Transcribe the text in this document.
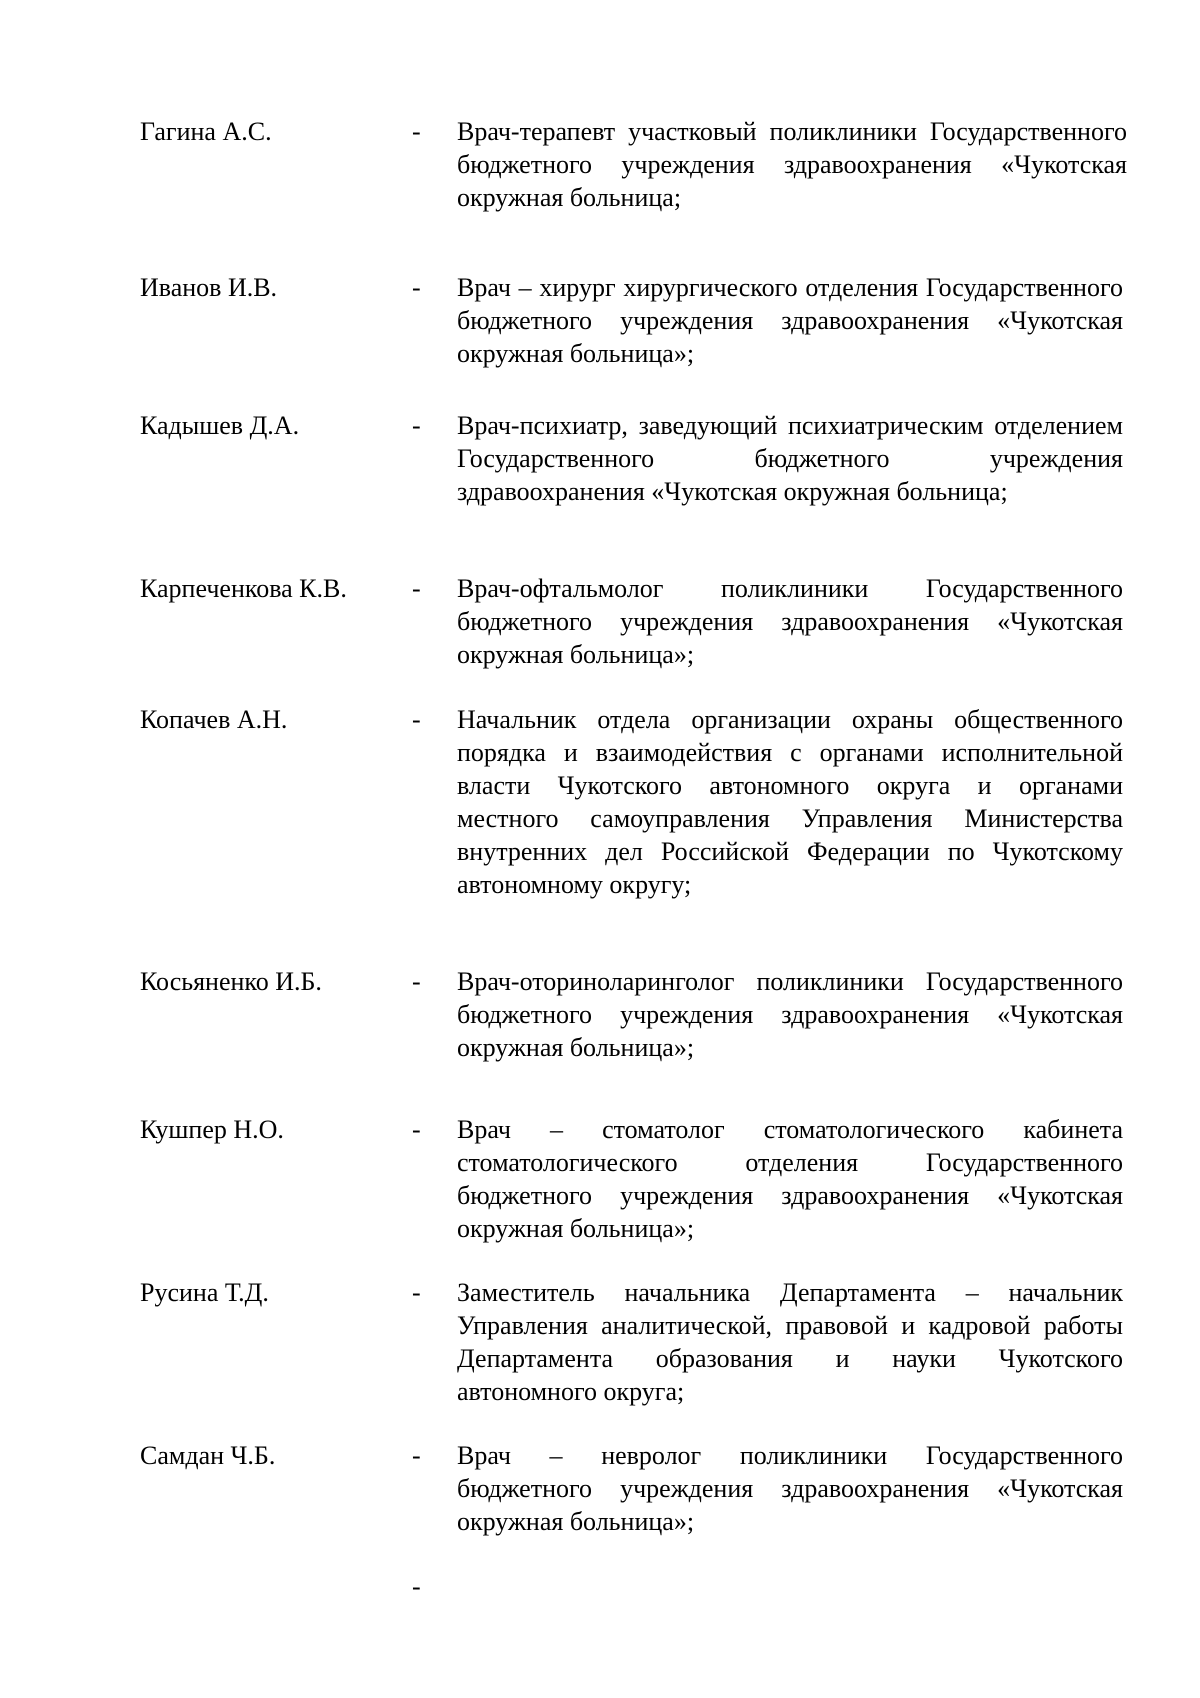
Гагина А.С.	- Врач-терапевт участковый поликлиники Государственного бюджетного учреждения здравоохранения «Чукотская окружная больница;
Иванов И.В.	- Врач – хирург хирургического отделения Государственного бюджетного учреждения здравоохранения «Чукотская окружная больница»;
Кадышев Д.А.	- Врач-психиатр, заведующий психиатрическим отделением Государственного бюджетного учреждения здравоохранения «Чукотская окружная больница;
Карпеченкова К.В.	- Врач-офтальмолог поликлиники Государственного бюджетного учреждения здравоохранения «Чукотская окружная больница»;
Копачев А.Н.	- Начальник отдела организации охраны общественного порядка и взаимодействия с органами исполнительной власти Чукотского автономного округа и органами местного самоуправления Управления Министерства внутренних дел Российской Федерации по Чукотскому автономному округу;
Косьяненко И.Б.	- Врач-оториноларинголог поликлиники Государственного бюджетного учреждения здравоохранения «Чукотская окружная больница»;
Кушпер Н.О.	- Врач – стоматолог стоматологического кабинета стоматологического отделения Государственного бюджетного учреждения здравоохранения «Чукотская окружная больница»;
Русина Т.Д.	- Заместитель начальника Департамента – начальник Управления аналитической, правовой и кадровой работы Департамента образования и науки Чукотского автономного округа;
Самдан Ч.Б.	- Врач – невролог поликлиники Государственного бюджетного учреждения здравоохранения «Чукотская окружная больница»;
-
